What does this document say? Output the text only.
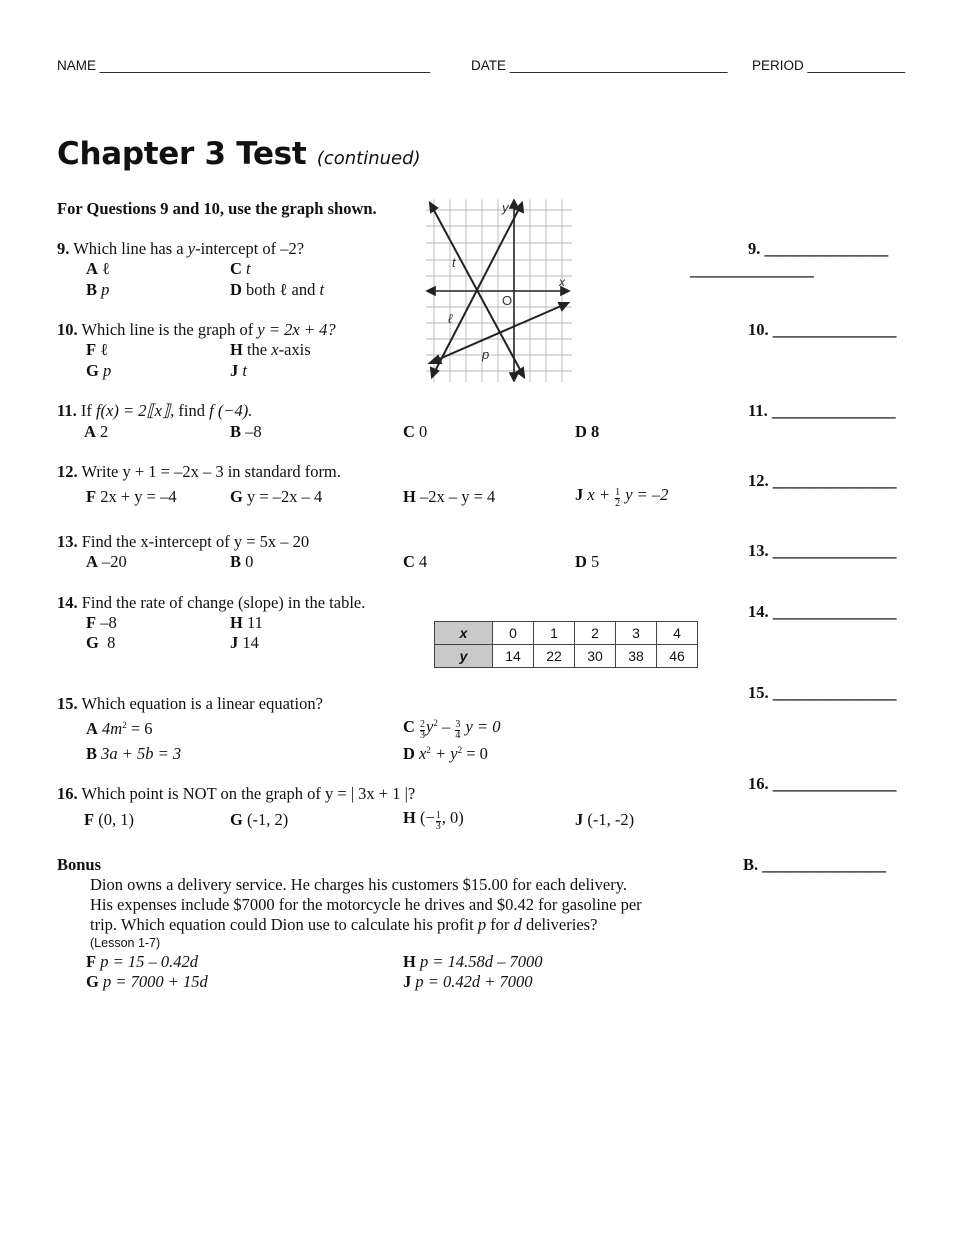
NAME ____________________________________________	DATE _____________________________ PERIOD _____________
Chapter 3 Test (continued)
For Questions 9 and 10, use the graph shown.	y
x
O
t
ℓ
p
9. Which line has a y-intercept of –2?
A ℓ	C t
B p	D both ℓ and t
9. _______________
_______________
10. Which line is the graph of y = 2x + 4?
F ℓ	H the x-axis
G p	J t
10. _______________
11. If f(x) = 2⟦x⟧, find f (−4).
A 2	B –8	C 0	D 8
11. _______________
12. Write y + 1 = –2x – 3 in standard form.
F 2x + y = –4	G y = –2x – 4	H –2x – y = 4	J $x + \frac{1}{2}$ y = –2
12. _______________
13. Find the x-intercept of y = 5x – 20
A –20	B 0	C 4	D 5
13. _______________
14. Find the rate of change (slope) in the table.
F –8	H 11
G 8	J 14	x	0	1	2	3	4
y	14	22	30	38	46
14. _______________
15. Which equation is a linear equation?
A $4m^2 = 6$
B 3a + 5b = 3
C $\frac{2}{3} y^2 - \frac{3}{4}$ y = 0
D $x^2 + y^2 = 0$
15. _______________
16. Which point is NOT on the graph of y = | 3x + 1 |?
F (0, 1)	G (-1, 2)	H (− $\frac{1}{3}$ , 0)	J (-1, -2)
16. _______________
Bonus	B. _______________
Dion owns a delivery service. He charges his customers $15.00 for each delivery.
His expenses include $7000 for the motorcycle he drives and $0.42 for gasoline per
trip. Which equation could Dion use to calculate his profit p for d deliveries?
(Lesson 1-7)
F p = 15 – 0.42d	H p = 14.58d – 7000
G p = 7000 + 15d	J p = 0.42d + 7000
